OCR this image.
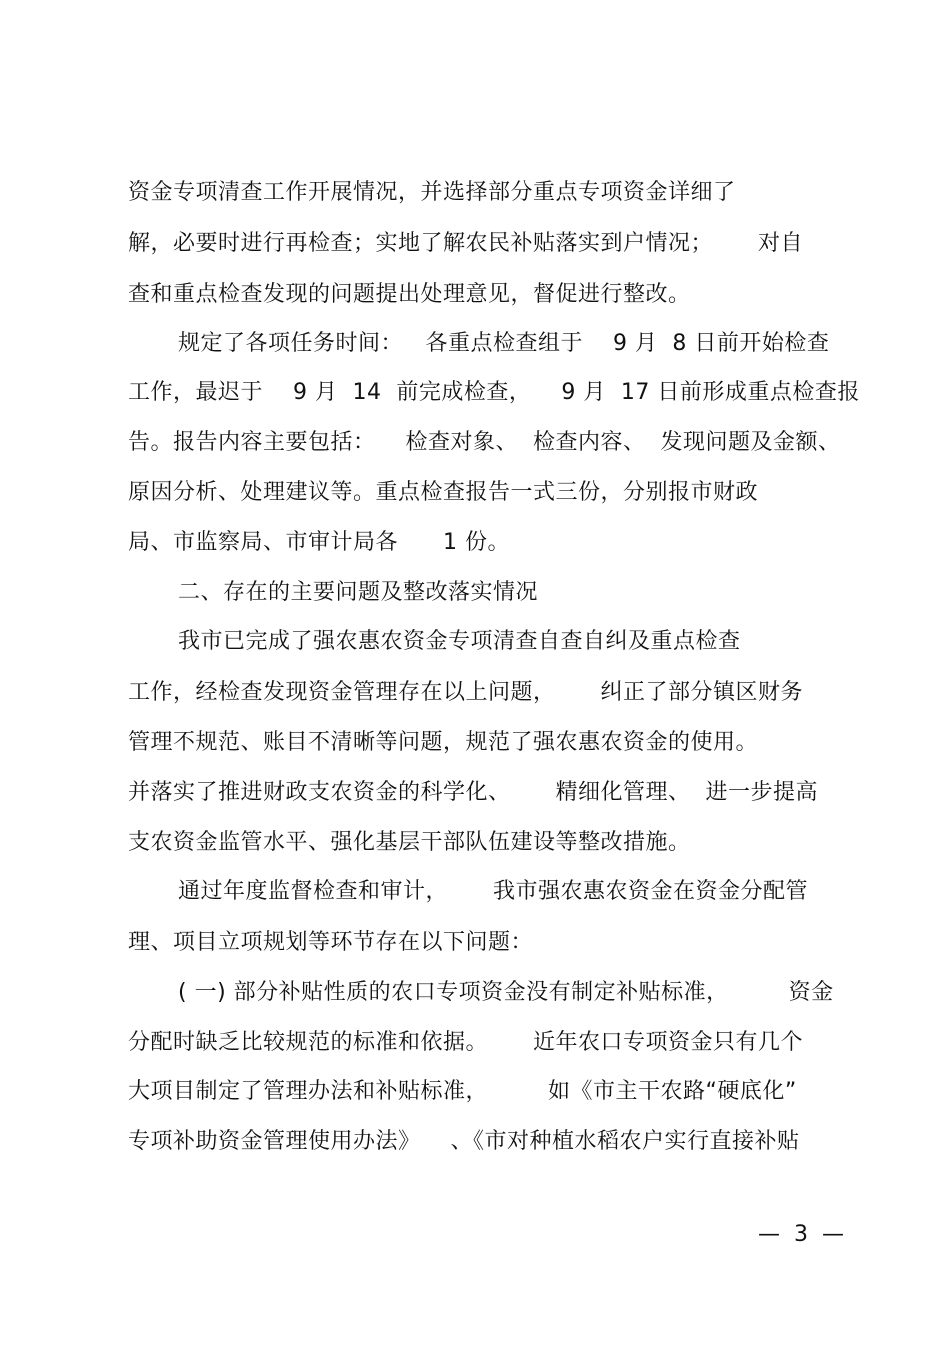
资金专项清查工作开展情况，并选择部分重点专项资金详细了
解，必要时进行再检查；实地了解农民补贴落实到户情况；      对自
查和重点检查发现的问题提出处理意见，督促进行整改。
规定了各项任务时间：   各重点检查组于    9 月  8 日前开始检查
工作，最迟于    9 月  14  前完成检查，    9 月  17 日前形成重点检查报
告。报告内容主要包括：    检查对象、  检查内容、  发现问题及金额、
原因分析、处理建议等。重点检查报告一式三份，分别报市财政
局、市监察局、市审计局各      1 份。
二、存在的主要问题及整改落实情况
我市已完成了强农惠农资金专项清查自查自纠及重点检查
工作，经检查发现资金管理存在以上问题，      纠正了部分镇区财务
管理不规范、账目不清晰等问题，规范了强农惠农资金的使用。
并落实了推进财政支农资金的科学化、      精细化管理、  进一步提高
支农资金监管水平、强化基层干部队伍建设等整改措施。
通过年度监督检查和审计，      我市强农惠农资金在资金分配管
理、项目立项规划等环节存在以下问题：
( 一) 部分补贴性质的农口专项资金没有制定补贴标准，        资金
分配时缺乏比较规范的标准和依据。      近年农口专项资金只有几个
大项目制定了管理办法和补贴标准，        如《市主干农路“硬底化”
专项补助资金管理使用办法》    、《市对种植水稻农户实行直接补贴
—  3  —
